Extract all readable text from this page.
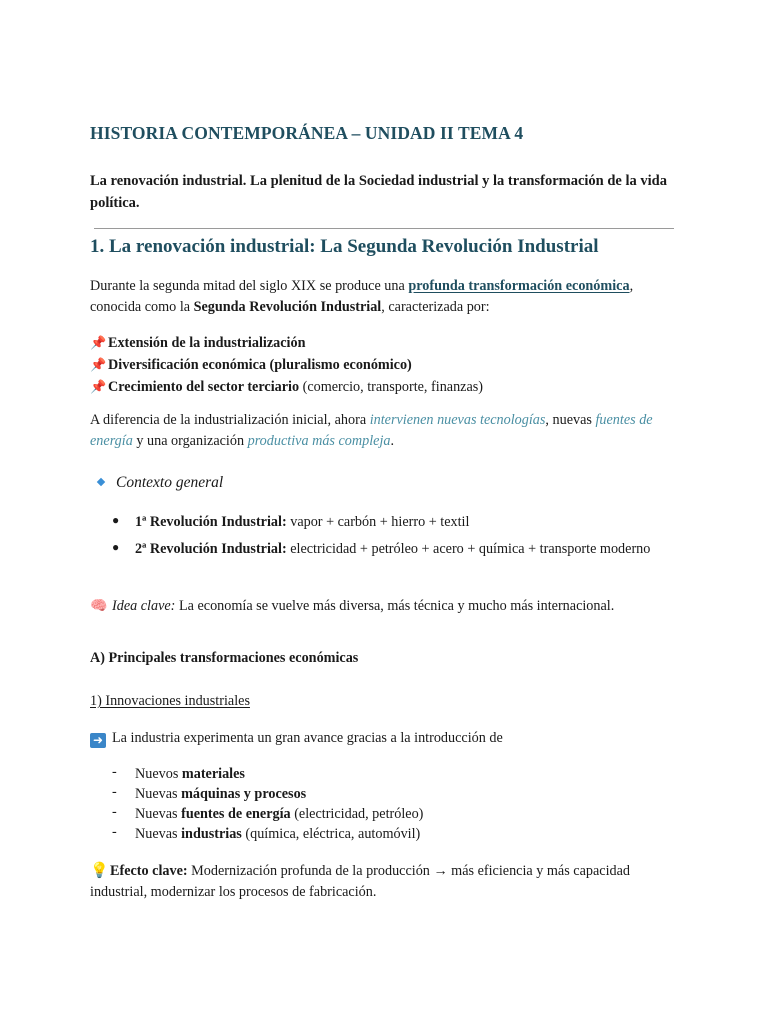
HISTORIA CONTEMPORÁNEA – UNIDAD II TEMA 4
La renovación industrial. La plenitud de la Sociedad industrial y la transformación de la vida política.
1. La renovación industrial: La Segunda Revolución Industrial
Durante la segunda mitad del siglo XIX se produce una profunda transformación económica,
conocida como la Segunda Revolución Industrial, caracterizada por:
📌 Extensión de la industrialización
📌 Diversificación económica (pluralismo económico)
📌 Crecimiento del sector terciario (comercio, transporte, finanzas)
A diferencia de la industrialización inicial, ahora intervienen nuevas tecnologías, nuevas fuentes de energía y una organización productiva más compleja.
Contexto general
● 1ª Revolución Industrial: vapor + carbón + hierro + textil
● 2ª Revolución Industrial: electricidad + petróleo + acero + química + transporte moderno
🧠 Idea clave: La economía se vuelve más diversa, más técnica y mucho más internacional.
A) Principales transformaciones económicas
1) Innovaciones industriales
➜ La industria experimenta un gran avance gracias a la introducción de
- Nuevos materiales
- Nuevas máquinas y procesos
- Nuevas fuentes de energía (electricidad, petróleo)
- Nuevas industrias (química, eléctrica, automóvil)
💡Efecto clave: Modernización profunda de la producción → más eficiencia y más capacidad industrial, modernizar los procesos de fabricación.
